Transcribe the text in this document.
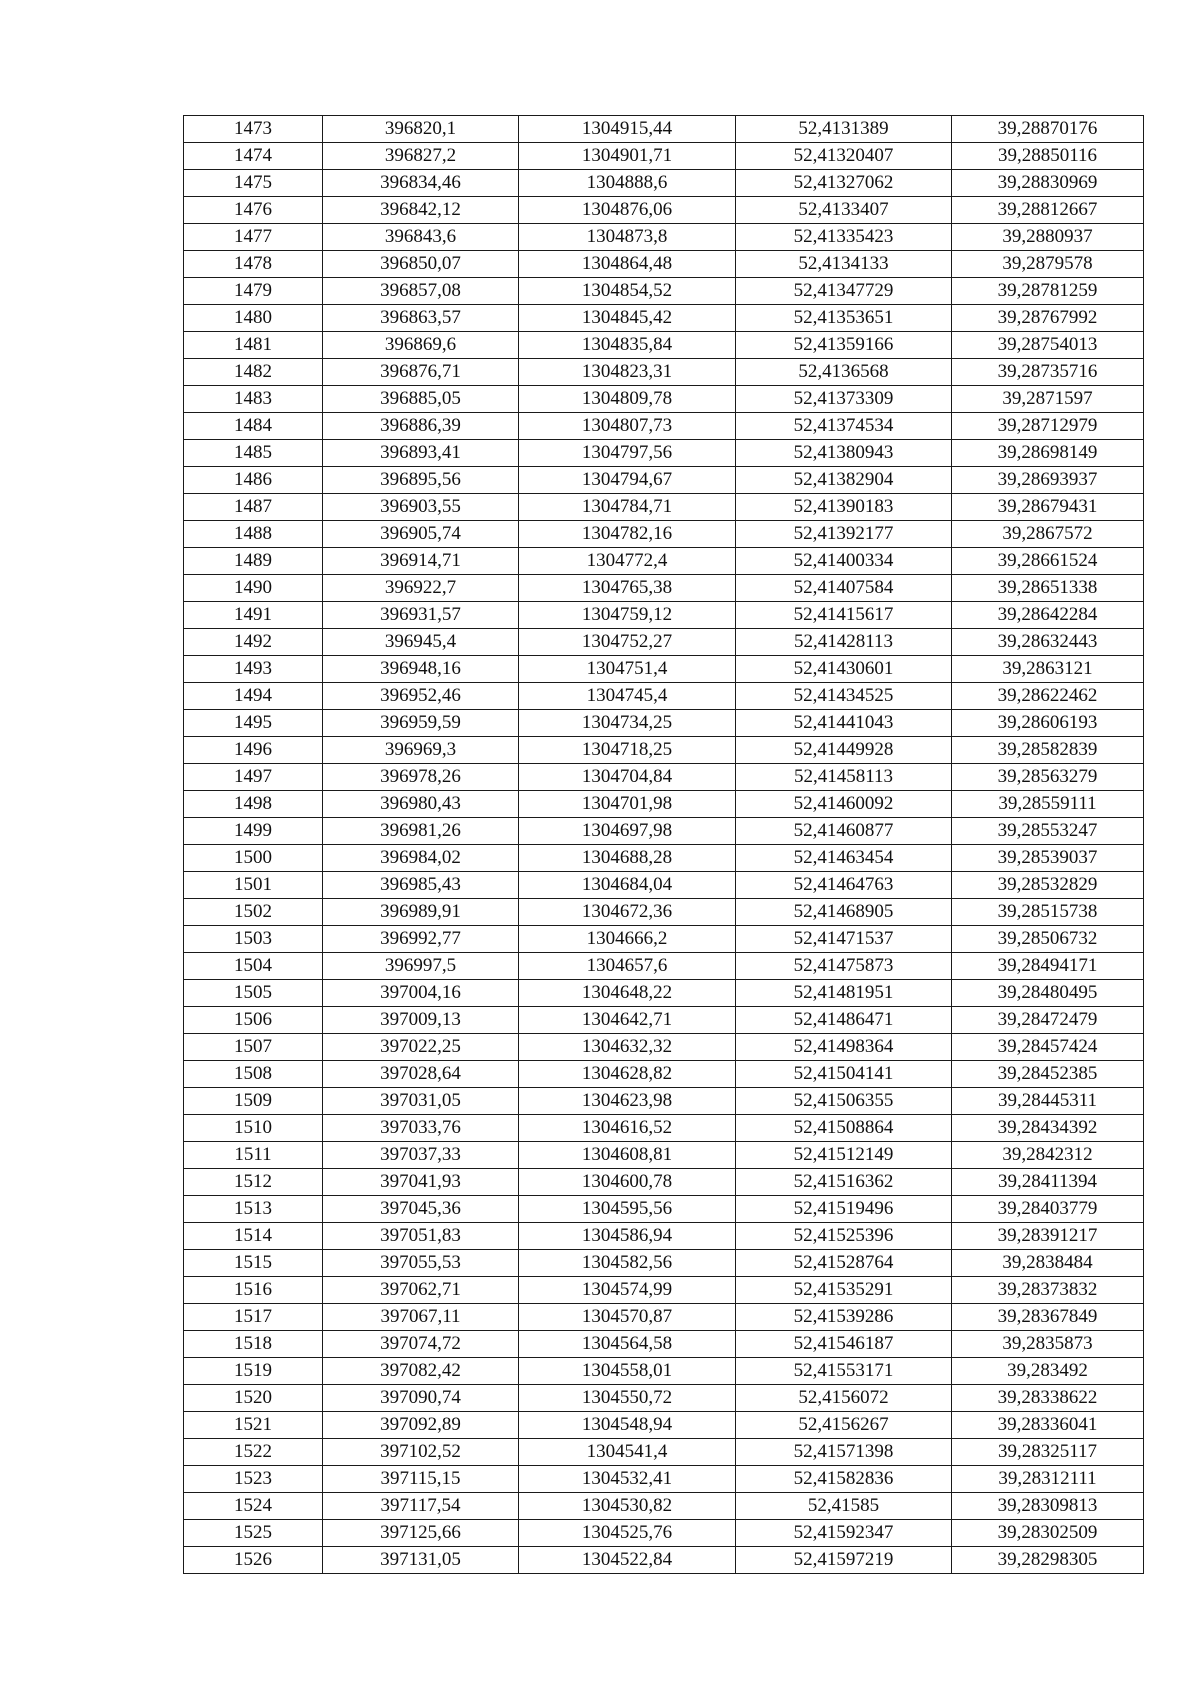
1473	396820,1	1304915,44	52,4131389	39,28870176
1474	396827,2	1304901,71	52,41320407	39,28850116
1475	396834,46	1304888,6	52,41327062	39,28830969
1476	396842,12	1304876,06	52,4133407	39,28812667
1477	396843,6	1304873,8	52,41335423	39,2880937
1478	396850,07	1304864,48	52,4134133	39,2879578
1479	396857,08	1304854,52	52,41347729	39,28781259
1480	396863,57	1304845,42	52,41353651	39,28767992
1481	396869,6	1304835,84	52,41359166	39,28754013
1482	396876,71	1304823,31	52,4136568	39,28735716
1483	396885,05	1304809,78	52,41373309	39,2871597
1484	396886,39	1304807,73	52,41374534	39,28712979
1485	396893,41	1304797,56	52,41380943	39,28698149
1486	396895,56	1304794,67	52,41382904	39,28693937
1487	396903,55	1304784,71	52,41390183	39,28679431
1488	396905,74	1304782,16	52,41392177	39,2867572
1489	396914,71	1304772,4	52,41400334	39,28661524
1490	396922,7	1304765,38	52,41407584	39,28651338
1491	396931,57	1304759,12	52,41415617	39,28642284
1492	396945,4	1304752,27	52,41428113	39,28632443
1493	396948,16	1304751,4	52,41430601	39,2863121
1494	396952,46	1304745,4	52,41434525	39,28622462
1495	396959,59	1304734,25	52,41441043	39,28606193
1496	396969,3	1304718,25	52,41449928	39,28582839
1497	396978,26	1304704,84	52,41458113	39,28563279
1498	396980,43	1304701,98	52,41460092	39,28559111
1499	396981,26	1304697,98	52,41460877	39,28553247
1500	396984,02	1304688,28	52,41463454	39,28539037
1501	396985,43	1304684,04	52,41464763	39,28532829
1502	396989,91	1304672,36	52,41468905	39,28515738
1503	396992,77	1304666,2	52,41471537	39,28506732
1504	396997,5	1304657,6	52,41475873	39,28494171
1505	397004,16	1304648,22	52,41481951	39,28480495
1506	397009,13	1304642,71	52,41486471	39,28472479
1507	397022,25	1304632,32	52,41498364	39,28457424
1508	397028,64	1304628,82	52,41504141	39,28452385
1509	397031,05	1304623,98	52,41506355	39,28445311
1510	397033,76	1304616,52	52,41508864	39,28434392
1511	397037,33	1304608,81	52,41512149	39,2842312
1512	397041,93	1304600,78	52,41516362	39,28411394
1513	397045,36	1304595,56	52,41519496	39,28403779
1514	397051,83	1304586,94	52,41525396	39,28391217
1515	397055,53	1304582,56	52,41528764	39,2838484
1516	397062,71	1304574,99	52,41535291	39,28373832
1517	397067,11	1304570,87	52,41539286	39,28367849
1518	397074,72	1304564,58	52,41546187	39,2835873
1519	397082,42	1304558,01	52,41553171	39,283492
1520	397090,74	1304550,72	52,4156072	39,28338622
1521	397092,89	1304548,94	52,4156267	39,28336041
1522	397102,52	1304541,4	52,41571398	39,28325117
1523	397115,15	1304532,41	52,41582836	39,28312111
1524	397117,54	1304530,82	52,41585	39,28309813
1525	397125,66	1304525,76	52,41592347	39,28302509
1526	397131,05	1304522,84	52,41597219	39,28298305
